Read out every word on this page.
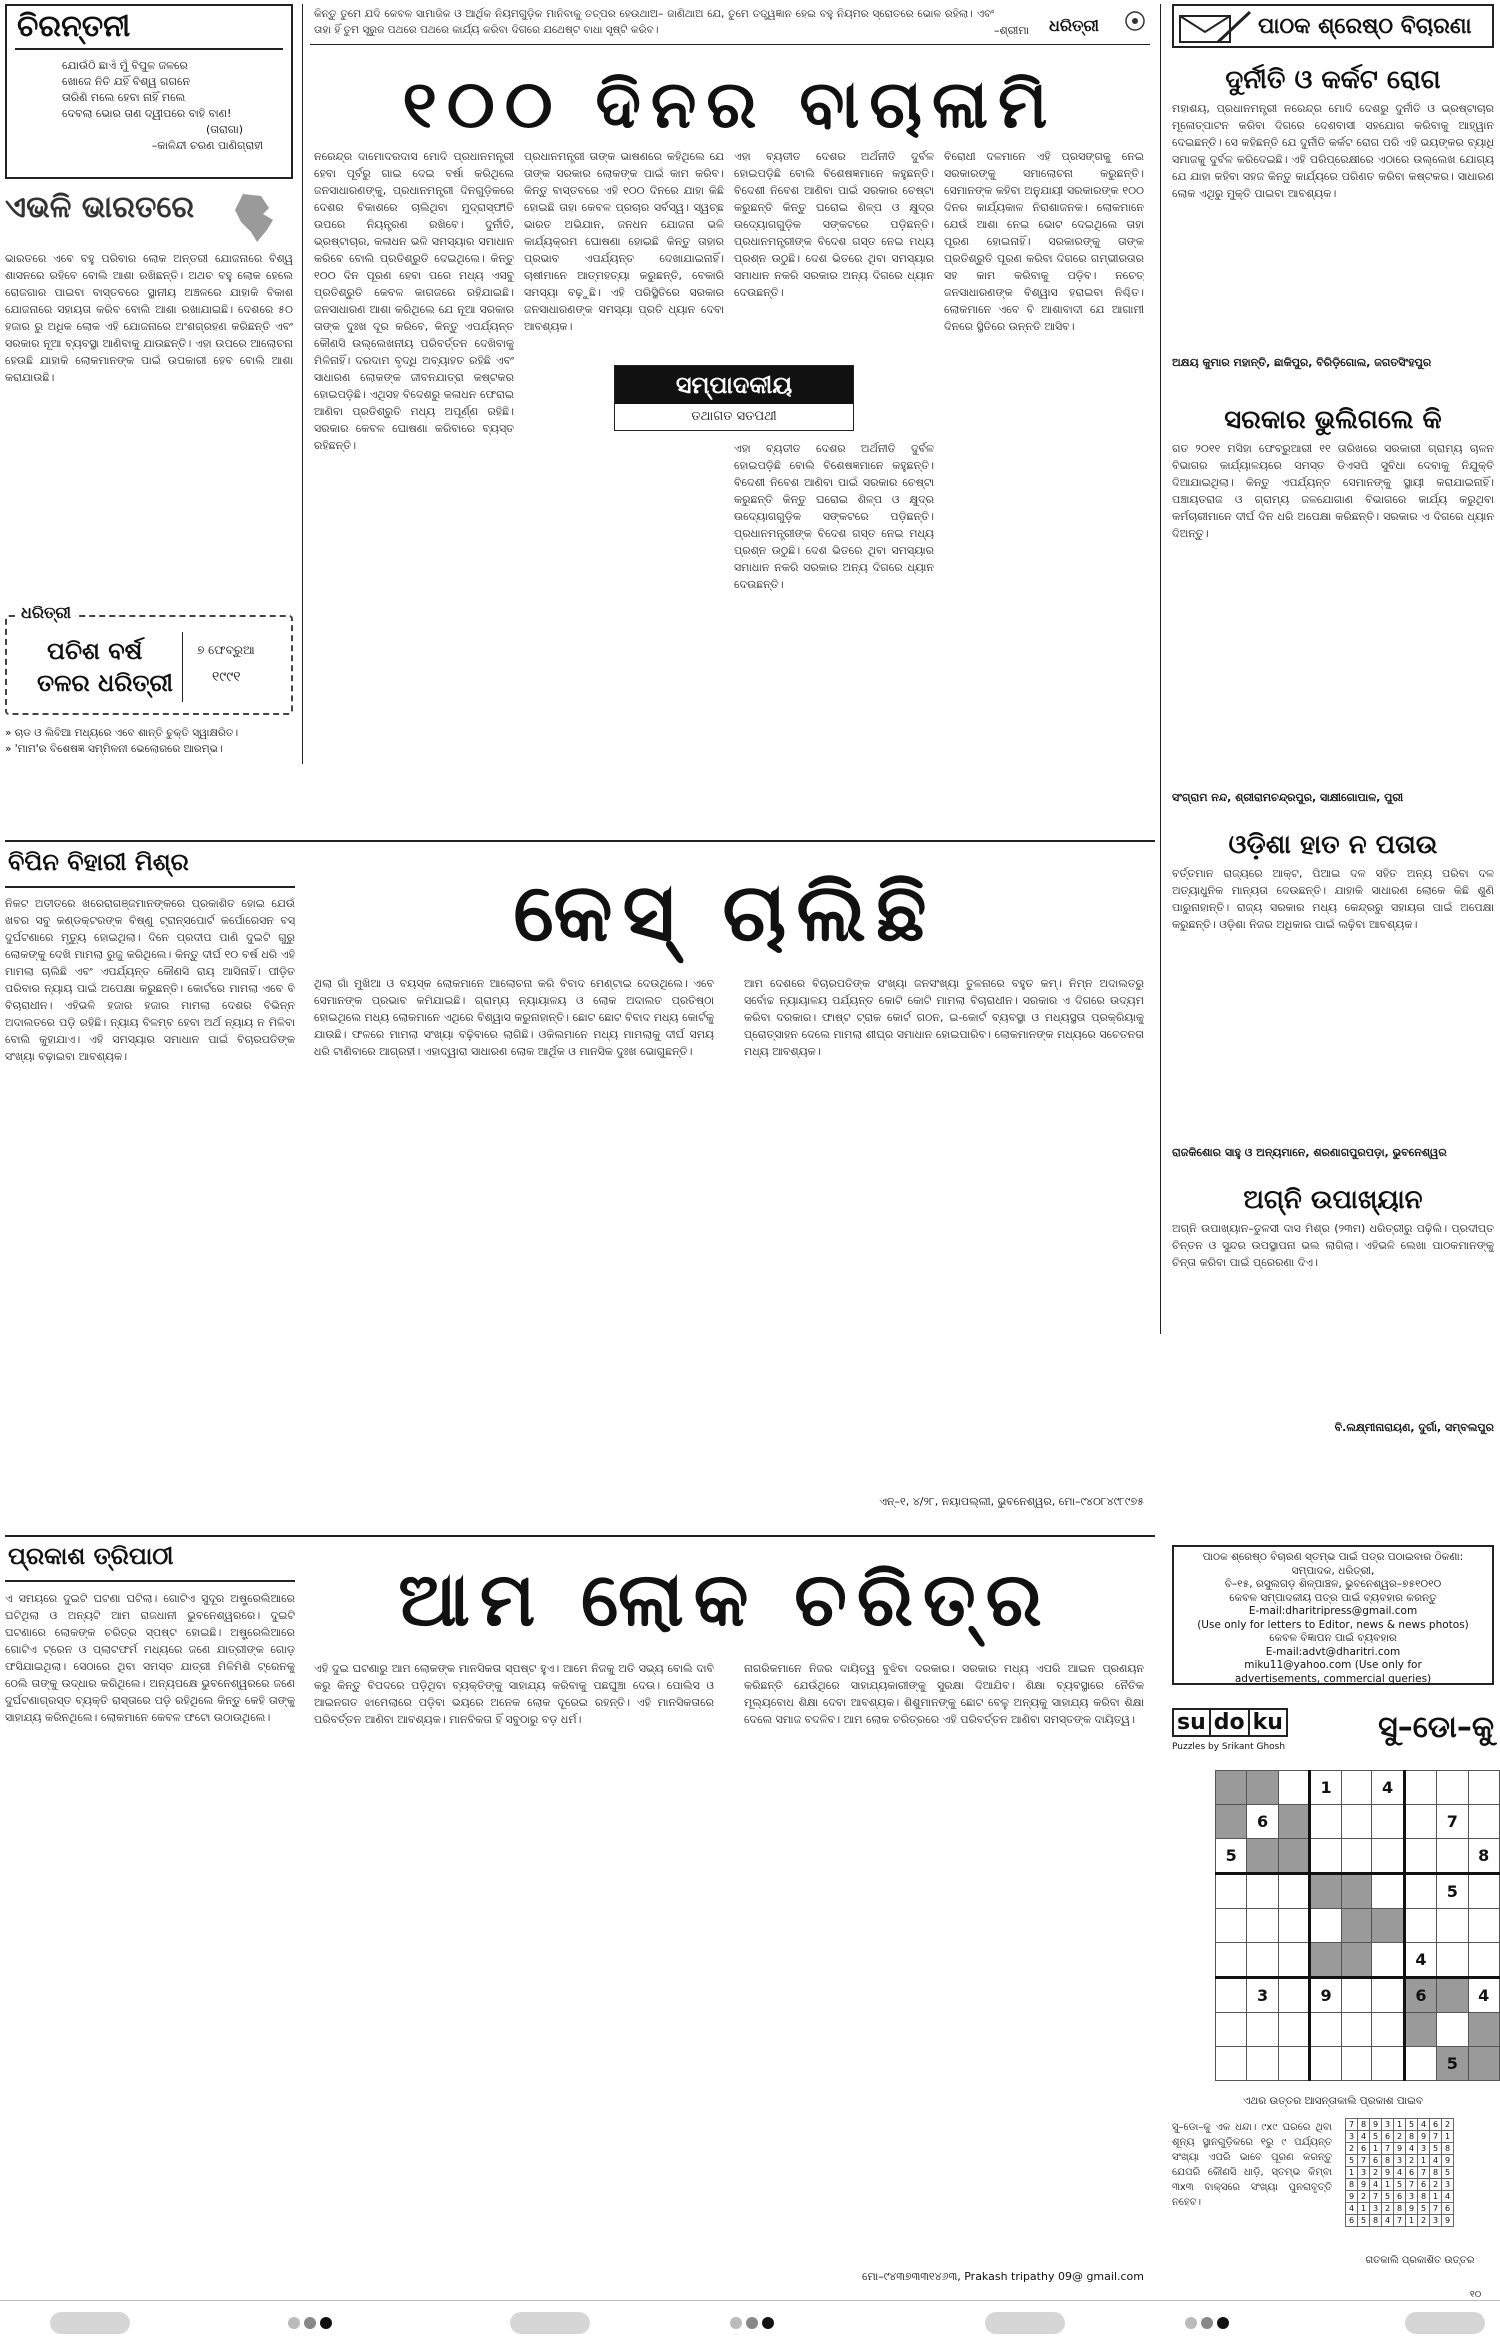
ଚିରନ୍ତନୀ
ଯୋଉଁଠି ଛାଏଁ ମୁଁ ବିପୁଳ ଜଳରେ
ଖୋଜେ ନିତି ଯହିଁ ବିଶ୍ୱ ଗଗନେ
ତାରିଣି ମଲେ ହେବା ନାହିଁ ମଲେ
ଦେବଲା ଭୋର ତାଣ ଦ୍ୱୀପରେ ବାହି ବାଣ!
(ତାରାଗା)
–କାଳିନ୍ଦୀ ଚରଣ ପାଣିଗ୍ରାହୀ
ଏଭଳି ଭାରତରେ
ଭାରତରେ ଏବେ ବହୁ ପରିବାର ଲୋକ ଅନ୍ତରୀ ଯୋଜନାରେ ବିଶ୍ୱ ଶାସନରେ ରହିବେ ବୋଲି ଆଶା ରଖିଛନ୍ତି। ଅଥଚ ବହୁ ଲୋକ ହେଲେ ରୋଜଗାର ପାଇବା ବାସ୍ତବରେ ସ୍ଥାନୀୟ ଅଞ୍ଚଳରେ ଯାହାକି ବିକାଶ ଯୋଜନାରେ ସହାୟତା କରିବ ବୋଲି ଆଶା ରଖାଯାଇଛି। ଦେଶରେ ୫୦ ହଜାର ରୁ ଅଧିକ ଲୋକ ଏହି ଯୋଜନାରେ ଅଂଶଗ୍ରହଣ କରିଛନ୍ତି ଏବଂ ସରକାର ନୂଆ ବ୍ୟବସ୍ଥା ଆଣିବାକୁ ଯାଉଛନ୍ତି। ଏହା ଉପରେ ଆଲୋଚନା ହେଉଛି ଯାହାକି ଲୋକମାନଙ୍କ ପାଇଁ ଉପକାରୀ ହେବ ବୋଲି ଆଶା କରାଯାଉଛି।
ଧରିତ୍ରୀ
ପଚିଶ ବର୍ଷ
ତଳର ଧରିତ୍ରୀ
୭ ଫେବ୍ରୁଆ
୧୯୯୧
» ଚାଡ ଓ ଲିବିଆ ମଧ୍ୟରେ ଏବେ ଶାନ୍ତି ଚୁକ୍ତି ସ୍ୱାକ୍ଷରିତ।
» 'ମାମ'ର ବିଶେଷଜ୍ଞ ସମ୍ମିଳନୀ ଭେଲୋରରେ ଆରମ୍ଭ।
କିନ୍ତୁ ତୁମେ ଯଦି କେବଳ ସାମାଜିକ ଓ ଆର୍ଥିକ ନିୟମଗୁଡ଼ିକ ମାନିବାକୁ ତତ୍ପର ହେଉଥାଅ– ଜାଣିଥାଅ ଯେ, ତୁମେ ତତ୍ତ୍ୱଜ୍ଞାନ ହେଇ ବହୁ ନିୟମର ସ୍ରୋତରେ ଭୋଳ ରହିଲା। ଏବଂ ତାହା ହିଁ ତୁମ ସୂରୁଜ ପଥରେ ପଥରେ କାର୍ଯ୍ୟ କରିବା ଦିଗରେ ଯଥେଷ୍ଟ ବାଧା ସୃଷ୍ଟି କରିବ।	–ଶ୍ରୀମା ଧରିତ୍ରୀ
୧୦୦ ଦିନର ବାଚାଳାମି
ନରେନ୍ଦ୍ର ଦାମୋଦରଦାସ ମୋଦି ପ୍ରଧାନମନ୍ତ୍ରୀ ହେବା ପୂର୍ବରୁ ଗାଇ ଦେଇ ବର୍ଷା କରିଥିଲେ ଜନସାଧାରଣଙ୍କୁ, ପ୍ରଧାନମନ୍ତ୍ରୀ ଦିନଗୁଡ଼ିକରେ ଦେଶର ବିକାଶରେ ଚାଲିଥିବା ମୁଦ୍ରାସ୍ଫୀତି ଉପରେ ନିୟନ୍ତ୍ରଣ ରଖିବେ। ଦୁର୍ନୀତି, ଭ୍ରଷ୍ଟାଚାର, କଳାଧନ ଭଳି ସମସ୍ୟାର ସମାଧାନ କରିବେ ବୋଲି ପ୍ରତିଶ୍ରୁତି ଦେଇଥିଲେ। କିନ୍ତୁ ୧୦୦ ଦିନ ପୂରଣ ହେବା ପରେ ମଧ୍ୟ ଏସବୁ ପ୍ରତିଶ୍ରୁତି କେବଳ କାଗଜରେ ରହିଯାଇଛି। ଜନସାଧାରଣ ଆଶା କରିଥିଲେ ଯେ ନୂଆ ସରକାର ତାଙ୍କ ଦୁଃଖ ଦୂର କରିବେ, କିନ୍ତୁ ଏପର୍ଯ୍ୟନ୍ତ କୌଣସି ଉଲ୍ଲେଖନୀୟ ପରିବର୍ତ୍ତନ ଦେଖିବାକୁ ମିଳିନାହିଁ। ଦରଦାମ ବୃଦ୍ଧି ଅବ୍ୟାହତ ରହିଛି ଏବଂ ସାଧାରଣ ଲୋକଙ୍କ ଜୀବନଯାତ୍ରା କଷ୍ଟକର ହୋଇପଡ଼ିଛି। ଏଥିସହ ବିଦେଶରୁ କଳାଧନ ଫେରାଇ ଆଣିବା ପ୍ରତିଶ୍ରୁତି ମଧ୍ୟ ଅପୂର୍ଣ୍ଣ ରହିଛି। ସରକାର କେବଳ ଘୋଷଣା କରିବାରେ ବ୍ୟସ୍ତ ରହିଛନ୍ତି।
ପ୍ରଧାନମନ୍ତ୍ରୀ ତାଙ୍କ ଭାଷଣରେ କହିଥିଲେ ଯେ ତାଙ୍କ ସରକାର ଲୋକଙ୍କ ପାଇଁ କାମ କରିବ। କିନ୍ତୁ ବାସ୍ତବରେ ଏହି ୧୦୦ ଦିନରେ ଯାହା କିଛି ହୋଇଛି ତାହା କେବଳ ପ୍ରଚାର ସର୍ବସ୍ୱ। ସ୍ୱଚ୍ଛ ଭାରତ ଅଭିଯାନ, ଜନଧନ ଯୋଜନା ଭଳି କାର୍ଯ୍ୟକ୍ରମ ଘୋଷଣା ହୋଇଛି କିନ୍ତୁ ତାହାର ପ୍ରଭାବ ଏପର୍ଯ୍ୟନ୍ତ ଦେଖାଯାଇନାହିଁ। ଚାଷୀମାନେ ଆତ୍ମହତ୍ୟା କରୁଛନ୍ତି, ବେକାରି ସମସ୍ୟା ବଢ଼ୁଛି। ଏହି ପରିସ୍ଥିତିରେ ସରକାର ଜନସାଧାରଣଙ୍କ ସମସ୍ୟା ପ୍ରତି ଧ୍ୟାନ ଦେବା ଆବଶ୍ୟକ।
ଏହା ବ୍ୟତୀତ ଦେଶର ଅର୍ଥନୀତି ଦୁର୍ବଳ ହୋଇପଡ଼ିଛି ବୋଲି ବିଶେଷଜ୍ଞମାନେ କହୁଛନ୍ତି। ବିଦେଶୀ ନିବେଶ ଆଣିବା ପାଇଁ ସରକାର ଚେଷ୍ଟା କରୁଛନ୍ତି କିନ୍ତୁ ଘରୋଇ ଶିଳ୍ପ ଓ କ୍ଷୁଦ୍ର ଉଦ୍ୟୋଗଗୁଡ଼ିକ ସଙ୍କଟରେ ପଡ଼ିଛନ୍ତି। ପ୍ରଧାନମନ୍ତ୍ରୀଙ୍କ ବିଦେଶ ଗସ୍ତ ନେଇ ମଧ୍ୟ ପ୍ରଶ୍ନ ଉଠୁଛି। ଦେଶ ଭିତରେ ଥିବା ସମସ୍ୟାର ସମାଧାନ ନକରି ସରକାର ଅନ୍ୟ ଦିଗରେ ଧ୍ୟାନ ଦେଉଛନ୍ତି।
ବିରୋଧୀ ଦଳମାନେ ଏହି ପ୍ରସଙ୍ଗକୁ ନେଇ ସରକାରଙ୍କୁ ସମାଲୋଚନା କରୁଛନ୍ତି। ସେମାନଙ୍କ କହିବା ଅନୁଯାୟୀ ସରକାରଙ୍କ ୧୦୦ ଦିନର କାର୍ଯ୍ୟକାଳ ନିରାଶାଜନକ। ଲୋକମାନେ ଯେଉଁ ଆଶା ନେଇ ଭୋଟ ଦେଇଥିଲେ ତାହା ପୂରଣ ହୋଇନାହିଁ। ସରକାରଙ୍କୁ ତାଙ୍କ ପ୍ରତିଶ୍ରୁତି ପୂରଣ କରିବା ଦିଗରେ ଗମ୍ଭୀରତାର ସହ କାମ କରିବାକୁ ପଡ଼ିବ। ନଚେତ୍ ଜନସାଧାରଣଙ୍କ ବିଶ୍ୱାସ ହରାଇବା ନିଶ୍ଚିତ। ଲୋକମାନେ ଏବେ ବି ଆଶାବାଦୀ ଯେ ଆଗାମୀ ଦିନରେ ସ୍ଥିତିରେ ଉନ୍ନତି ଆସିବ।
ସମ୍ପାଦକୀୟ
ତଥାଗତ ସତପଥୀ
ଏହା ବ୍ୟତୀତ ଦେଶର ଅର୍ଥନୀତି ଦୁର୍ବଳ ହୋଇପଡ଼ିଛି ବୋଲି ବିଶେଷଜ୍ଞମାନେ କହୁଛନ୍ତି। ବିଦେଶୀ ନିବେଶ ଆଣିବା ପାଇଁ ସରକାର ଚେଷ୍ଟା କରୁଛନ୍ତି କିନ୍ତୁ ଘରୋଇ ଶିଳ୍ପ ଓ କ୍ଷୁଦ୍ର ଉଦ୍ୟୋଗଗୁଡ଼ିକ ସଙ୍କଟରେ ପଡ଼ିଛନ୍ତି। ପ୍ରଧାନମନ୍ତ୍ରୀଙ୍କ ବିଦେଶ ଗସ୍ତ ନେଇ ମଧ୍ୟ ପ୍ରଶ୍ନ ଉଠୁଛି। ଦେଶ ଭିତରେ ଥିବା ସମସ୍ୟାର ସମାଧାନ ନକରି ସରକାର ଅନ୍ୟ ଦିଗରେ ଧ୍ୟାନ ଦେଉଛନ୍ତି।
ପାଠକ ଶ୍ରେଷ୍ଠ ବିଚାରଣା
ଦୁର୍ନୀତି ଓ କର୍କଟ ରୋଗ
ମହାଶୟ, ପ୍ରଧାନମନ୍ତ୍ରୀ ନରେନ୍ଦ୍ର ମୋଦି ଦେଶରୁ ଦୁର୍ନୀତି ଓ ଭ୍ରଷ୍ଟାଚାର ମୂଳୋତ୍ପାଟନ କରିବା ଦିଗରେ ଦେଶବାସୀ ସହଯୋଗ କରିବାକୁ ଆହ୍ୱାନ ଦେଇଛନ୍ତି। ସେ କହିଛନ୍ତି ଯେ ଦୁର୍ନୀତି କର୍କଟ ରୋଗ ପରି ଏହି ଭୟଙ୍କର ବ୍ୟାଧି ସମାଜକୁ ଦୁର୍ବଳ କରିଦେଇଛି। ଏହି ପରିପ୍ରେକ୍ଷୀରେ ଏଠାରେ ଉଲ୍ଲେଖ ଯୋଗ୍ୟ ଯେ ଯାହା କହିବା ସହଜ କିନ୍ତୁ କାର୍ଯ୍ୟରେ ପରିଣତ କରିବା କଷ୍ଟକର। ସାଧାରଣ ଲୋକ ଏଥିରୁ ମୁକ୍ତି ପାଇବା ଆବଶ୍ୟକ।
ଅକ୍ଷୟ କୁମାର ମହାନ୍ତି, ଛାକିପୁର, ବିରିଡ଼ିଗୋଲ, ଜଗତସିଂହପୁର
ସରକାର ଭୁଲିଗଲେ କି
ଗତ ୨୦୧୧ ମସିହା ଫେବ୍ରୁଆରୀ ୧୧ ତାରିଖରେ ସରକାରୀ ଗ୍ରାମ୍ୟ ଚାଳନ ବିଭାଗର କାର୍ଯ୍ୟାଳୟରେ ସମସ୍ତ ଡିଏସପି ସୁବିଧା ଦେବାକୁ ନିଯୁକ୍ତି ଦିଆଯାଇଥିଲା। କିନ୍ତୁ ଏପର୍ଯ୍ୟନ୍ତ ସେମାନଙ୍କୁ ସ୍ଥାୟୀ କରାଯାଇନାହିଁ। ପଞ୍ଚାୟତରାଜ ଓ ଗ୍ରାମ୍ୟ ଜଳଯୋଗାଣ ବିଭାଗରେ କାର୍ଯ୍ୟ କରୁଥିବା କର୍ମଚାରୀମାନେ ଦୀର୍ଘ ଦିନ ଧରି ଅପେକ୍ଷା କରିଛନ୍ତି। ସରକାର ଏ ଦିଗରେ ଧ୍ୟାନ ଦିଅନ୍ତୁ।
ସଂଗ୍ରାମ ନନ୍ଦ, ଶ୍ରୀରାମଚନ୍ଦ୍ରପୁର, ସାକ୍ଷୀଗୋପାଳ, ପୁରୀ
ଓଡ଼ିଶା ହାତ ନ ପତାଉ
ବର୍ତ୍ତମାନ ରାଜ୍ୟରେ ଆକ୍ଟ, ପିଆଇ ଦଳ ସହିତ ଅନ୍ୟ ପରିବା ଦଳ ଅତ୍ୟାଧୁନିକ ମାନ୍ୟତା ଦେଉଛନ୍ତି। ଯାହାକି ସାଧାରଣ ଲୋକେ କିଛି ଶୁଣି ପାରୁନାହାନ୍ତି। ରାଜ୍ୟ ସରକାର ମଧ୍ୟ କେନ୍ଦ୍ରରୁ ସହାୟତା ପାଇଁ ଅପେକ୍ଷା କରୁଛନ୍ତି। ଓଡ଼ିଶା ନିଜର ଅଧିକାର ପାଇଁ ଲଢ଼ିବା ଆବଶ୍ୟକ।
ରାଜକିଶୋର ସାହୁ ଓ ଅନ୍ୟମାନେ, ଶରଣାଗପୁରପଡ଼ା, ଭୁବନେଶ୍ୱର
ଅଗ୍ନି ଉପାଖ୍ୟାନ
ଅଗ୍ନି ଉପାଖ୍ୟାନ–ତୁଳସୀ ଦାସ ମିଶ୍ର (୨୩ମ) ଧରିତ୍ରୀରୁ ପଢ଼ିଲି। ପ୍ରଦୀପ୍ତ ଚିନ୍ତନ ଓ ସୁନ୍ଦର ଉପସ୍ଥାପନା ଭଲ ଲାଗିଲା। ଏହିଭଳି ଲେଖା ପାଠକମାନଙ୍କୁ ଚିନ୍ତା କରିବା ପାଇଁ ପ୍ରେରଣା ଦିଏ।
ବି.ଲକ୍ଷ୍ମୀନାରାୟଣ, ଦୁର୍ଗା, ସମ୍ବଲପୁର
ପାଠକ ଶ୍ରେଷ୍ଠ ବିଚାରଣ ସ୍ତମ୍ଭ ପାଇଁ ପତ୍ର ପଠାଇବାର ଠିକଣା:
ସମ୍ପାଦକ, ଧରିତ୍ରୀ,
ବି–୧୫, ରସୁଲଗଡ଼ ଶିଳ୍ପାଞ୍ଚଳ, ଭୁବନେଶ୍ୱର–୭୫୧୦୧୦
କେବଳ ସମ୍ପାଦକୀୟ ପତ୍ର ପାଇଁ ବ୍ୟବହାର କରନ୍ତୁ
E-mail:dharitripress@gmail.com
(Use only for letters to Editor, news & news photos)
କେବଳ ବିଜ୍ଞାପନ ପାଇଁ ବ୍ୟବହାର
E-mail:advt@dharitri.com
miku11@yahoo.com (Use only for
advertisements, commercial queries)
ବିପିନ ବିହାରୀ ମିଶ୍ର
କେସ୍ ଚାଲିଛି
ନିକଟ ଅତୀତରେ ଖରେରାଗଞ୍ଜମାନଙ୍କରେ ପ୍ରକାଶିତ ହୋଇ ଯେଉଁ ଖବର ସବୁ କଣ୍ଡକ୍ଟରଙ୍କ ବିଷ୍ଣୁ ଟ୍ରାନ୍ସପୋର୍ଟ କର୍ପୋରେସନ ବସ୍ ଦୁର୍ଘଟଣାରେ ମୃତ୍ୟୁ ହୋଇଥିଲା। ଦିନେ ପ୍ରଦୀପ ପାଣି ଦୁଇଟି ଗୁରୁ ଲୋକଙ୍କୁ ଦେଖି ମାମଲା ରୁଜୁ କରିଥିଲେ। କିନ୍ତୁ ଦୀର୍ଘ ୧୦ ବର୍ଷ ଧରି ଏହି ମାମଲା ଚାଲିଛି ଏବଂ ଏପର୍ଯ୍ୟନ୍ତ କୌଣସି ରାୟ ଆସିନାହିଁ। ପୀଡ଼ିତ ପରିବାର ନ୍ୟାୟ ପାଇଁ ଅପେକ୍ଷା କରୁଛନ୍ତି। କୋର୍ଟରେ ମାମଲା ଏବେ ବି ବିଚାରାଧୀନ। ଏହିଭଳି ହଜାର ହଜାର ମାମଲା ଦେଶର ବିଭିନ୍ନ ଅଦାଲତରେ ପଡ଼ି ରହିଛି। ନ୍ୟାୟ ବିଳମ୍ବ ହେବା ଅର୍ଥ ନ୍ୟାୟ ନ ମିଳିବା ବୋଲି କୁହାଯାଏ। ଏହି ସମସ୍ୟାର ସମାଧାନ ପାଇଁ ବିଚାରପତିଙ୍କ ସଂଖ୍ୟା ବଢ଼ାଇବା ଆବଶ୍ୟକ।
ଥିଲା ଗାଁ ମୁଖିଆ ଓ ବୟସ୍କ ଲୋକମାନେ ଆଲୋଚନା କରି ବିବାଦ ମେଣ୍ଟାଇ ଦେଉଥିଲେ। ଏବେ ସେମାନଙ୍କ ପ୍ରଭାବ କମିଯାଇଛି। ଗ୍ରାମ୍ୟ ନ୍ୟାୟାଳୟ ଓ ଲୋକ ଅଦାଲତ ପ୍ରତିଷ୍ଠା ହୋଇଥିଲେ ମଧ୍ୟ ଲୋକମାନେ ଏଥିରେ ବିଶ୍ୱାସ କରୁନାହାନ୍ତି। ଛୋଟ ଛୋଟ ବିବାଦ ମଧ୍ୟ କୋର୍ଟକୁ ଯାଉଛି। ଫଳରେ ମାମଲା ସଂଖ୍ୟା ବଢ଼ିବାରେ ଲାଗିଛି। ଓକିଲମାନେ ମଧ୍ୟ ମାମଲାକୁ ଦୀର୍ଘ ସମୟ ଧରି ଟାଣିବାରେ ଆଗ୍ରହୀ। ଏହାଦ୍ୱାରା ସାଧାରଣ ଲୋକ ଆର୍ଥିକ ଓ ମାନସିକ ଦୁଃଖ ଭୋଗୁଛନ୍ତି।
ଆମ ଦେଶରେ ବିଚାରପତିଙ୍କ ସଂଖ୍ୟା ଜନସଂଖ୍ୟା ତୁଳନାରେ ବହୁତ କମ୍। ନିମ୍ନ ଅଦାଲତରୁ ସର୍ବୋଚ୍ଚ ନ୍ୟାୟାଳୟ ପର୍ଯ୍ୟନ୍ତ କୋଟି କୋଟି ମାମଲା ବିଚାରାଧୀନ। ସରକାର ଏ ଦିଗରେ ଉଦ୍ୟମ କରିବା ଦରକାର। ଫାଷ୍ଟ ଟ୍ରାକ କୋର୍ଟ ଗଠନ, ଇ-କୋର୍ଟ ବ୍ୟବସ୍ଥା ଓ ମଧ୍ୟସ୍ଥତା ପ୍ରକ୍ରିୟାକୁ ପ୍ରୋତ୍ସାହନ ଦେଲେ ମାମଲା ଶୀଘ୍ର ସମାଧାନ ହୋଇପାରିବ। ଲୋକମାନଙ୍କ ମଧ୍ୟରେ ସଚେତନତା ମଧ୍ୟ ଆବଶ୍ୟକ।
ଏନ୍–୧, ୪/୨୮, ନୟାପଲ୍ଲୀ, ଭୁବନେଶ୍ୱର, ମୋ–୯୪୦୮୪୯୮୯୭୫
ପ୍ରକାଶ ତ୍ରିପାଠୀ
ଆମ ଲୋକ ଚରିତ୍ର
ଏ ସମୟରେ ଦୁଇଟି ଘଟଣା ଘଟିଲା। ଗୋଟିଏ ସୁଦୂର ଅଷ୍ଟ୍ରେଲିଆରେ ଘଟିଥିଲା ଓ ଅନ୍ୟଟି ଆମ ରାଜଧାନୀ ଭୁବନେଶ୍ୱରରେ। ଦୁଇଟି ଘଟଣାରେ ଲୋକଙ୍କ ଚରିତ୍ର ସ୍ପଷ୍ଟ ହୋଇଛି। ଅଷ୍ଟ୍ରେଲିଆରେ ଗୋଟିଏ ଟ୍ରେନ ଓ ପ୍ଲାଟଫର୍ମ ମଧ୍ୟରେ ଜଣେ ଯାତ୍ରୀଙ୍କ ଗୋଡ଼ ଫସିଯାଇଥିଲା। ସେଠାରେ ଥିବା ସମସ୍ତ ଯାତ୍ରୀ ମିଳିମିଶି ଟ୍ରେନକୁ ଠେଲି ତାଙ୍କୁ ଉଦ୍ଧାର କରିଥିଲେ। ଅନ୍ୟପକ୍ଷେ ଭୁବନେଶ୍ୱରରେ ଜଣେ ଦୁର୍ଘଟଣାଗ୍ରସ୍ତ ବ୍ୟକ୍ତି ରାସ୍ତାରେ ପଡ଼ି ରହିଥିଲେ କିନ୍ତୁ କେହି ତାଙ୍କୁ ସାହାଯ୍ୟ କରିନଥିଲେ। ଲୋକମାନେ କେବଳ ଫଟୋ ଉଠାଉଥିଲେ।
ଏହି ଦୁଇ ଘଟଣାରୁ ଆମ ଲୋକଙ୍କ ମାନସିକତା ସ୍ପଷ୍ଟ ହୁଏ। ଆମେ ନିଜକୁ ଅତି ସଭ୍ୟ ବୋଲି ଦାବି କରୁ କିନ୍ତୁ ବିପଦରେ ପଡ଼ିଥିବା ବ୍ୟକ୍ତିଙ୍କୁ ସାହାଯ୍ୟ କରିବାକୁ ପଛଘୁଞ୍ଚା ଦେଉ। ପୋଲିସ ଓ ଆଇନଗତ ଝାମେଲାରେ ପଡ଼ିବା ଭୟରେ ଅନେକ ଲୋକ ଦୂରେଇ ରହନ୍ତି। ଏହି ମାନସିକତାରେ ପରିବର୍ତ୍ତନ ଆଣିବା ଆବଶ୍ୟକ। ମାନବିକତା ହିଁ ସବୁଠାରୁ ବଡ଼ ଧର୍ମ।
ନାଗରିକମାନେ ନିଜର ଦାୟିତ୍ୱ ବୁଝିବା ଦରକାର। ସରକାର ମଧ୍ୟ ଏପରି ଆଇନ ପ୍ରଣୟନ କରିଛନ୍ତି ଯେଉଁଥିରେ ସାହାଯ୍ୟକାରୀଙ୍କୁ ସୁରକ୍ଷା ଦିଆଯିବ। ଶିକ୍ଷା ବ୍ୟବସ୍ଥାରେ ନୈତିକ ମୂଲ୍ୟବୋଧ ଶିକ୍ଷା ଦେବା ଆବଶ୍ୟକ। ଶିଶୁମାନଙ୍କୁ ଛୋଟ ବେଳୁ ଅନ୍ୟକୁ ସାହାଯ୍ୟ କରିବା ଶିକ୍ଷା ଦେଲେ ସମାଜ ବଦଳିବ। ଆମ ଲୋକ ଚରିତ୍ରରେ ଏହି ପରିବର୍ତ୍ତନ ଆଣିବା ସମସ୍ତଙ୍କ ଦାୟିତ୍ୱ।
ମୋ–୯୪୩୭୩୩୧୪୬୩, Prakash tripathy 09@ gmail.com
su do ku
Puzzles by Srikant Ghosh
ସୁ–ଡୋ–କୁ
			1		4			
	6						7	
5								8
							5	

						4		
	3		9			6		4

							5	
ଏଥର ଉତ୍ତର ଆସନ୍ତାକାଲି ପ୍ରକାଶ ପାଇବ
ସୁ–ଡୋ–କୁ ଏକ ଧନ୍ଦା। ୯x୯ ଘରରେ ଥିବା ଶୂନ୍ୟ ସ୍ଥାନଗୁଡ଼ିକରେ ୧ରୁ ୯ ପର୍ଯ୍ୟନ୍ତ ସଂଖ୍ୟା ଏପରି ଭାବେ ପୂରଣ କରନ୍ତୁ ଯେପରି କୌଣସି ଧାଡ଼ି, ସ୍ତମ୍ଭ କିମ୍ବା ୩x୩ ବାକ୍ସରେ ସଂଖ୍ୟା ପୁନରାବୃତ୍ତି ନହେବ।
7	8	9	3	1	5	4	6	2
3	4	5	6	2	8	9	7	1
2	6	1	7	9	4	3	5	8
5	7	6	8	3	2	1	4	9
1	3	2	9	4	6	7	8	5
8	9	4	1	5	7	6	2	3
9	2	7	5	6	3	8	1	4
4	1	3	2	8	9	5	7	6
6	5	8	4	7	1	2	3	9
ଗତକାଲି ପ୍ରକାଶିତ ଉତ୍ତର
୧୦
